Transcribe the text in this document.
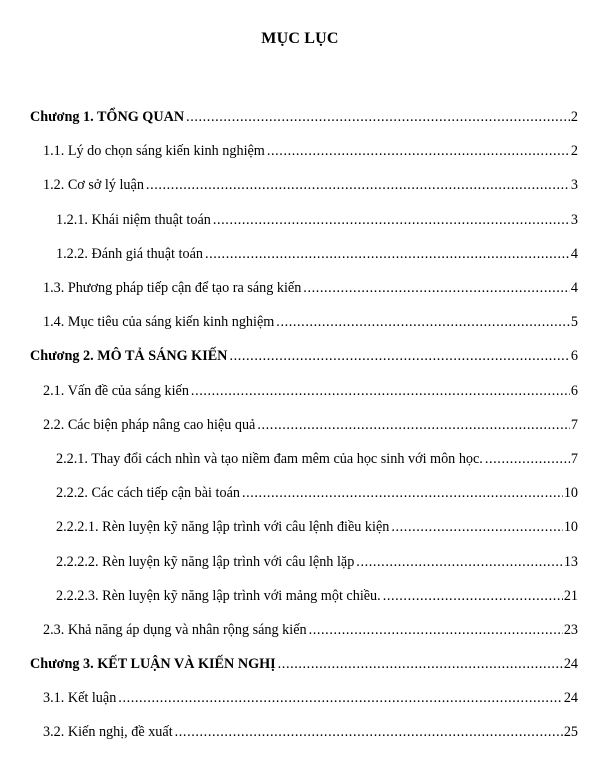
MỤC LỤC
Chương 1. TỔNG QUAN .....	2
1.1. Lý do chọn sáng kiến kinh nghiệm .....	2
1.2. Cơ sở lý luận .....	3
1.2.1. Khái niệm thuật toán .....	3
1.2.2. Đánh giá thuật toán .....	4
1.3. Phương pháp tiếp cận để tạo ra sáng kiến .....	4
1.4. Mục tiêu của sáng kiến kinh nghiệm .....	5
Chương 2. MÔ TẢ SÁNG KIẾN .....	6
2.1. Vấn đề của sáng kiến .....	6
2.2. Các biện pháp nâng cao hiệu quả .....	7
2.2.1. Thay đổi cách nhìn và tạo niềm đam mêm của học sinh với môn học. .....	7
2.2.2. Các cách tiếp cận bài toán .....	10
2.2.2.1. Rèn luyện kỹ năng lập trình với câu lệnh điều kiện .....	10
2.2.2.2. Rèn luyện kỹ năng lập trình với câu lệnh lặp .....	13
2.2.2.3. Rèn luyện kỹ năng lập trình với mảng một chiều. .....	21
2.3. Khả năng áp dụng và nhân rộng sáng kiến .....	23
Chương 3. KẾT LUẬN VÀ KIẾN NGHỊ .....	24
3.1. Kết luận .....	24
3.2. Kiến nghị, đề xuất .....	25
